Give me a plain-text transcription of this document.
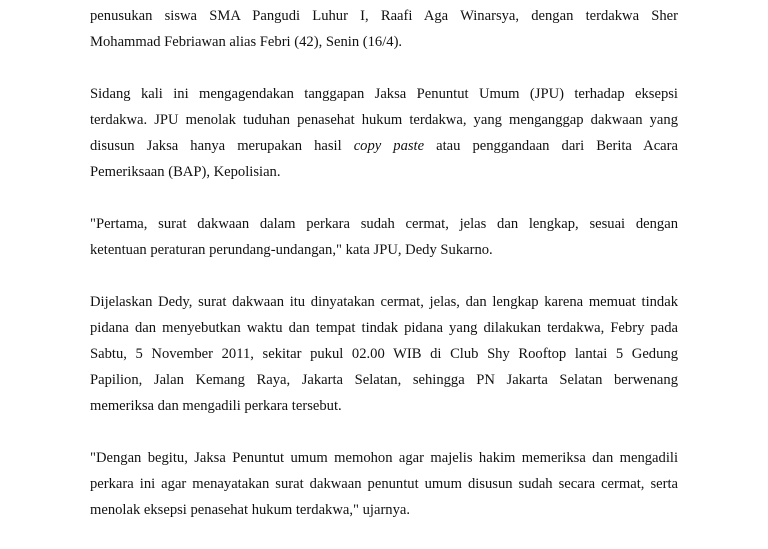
penusukan siswa SMA Pangudi Luhur I, Raafi Aga Winarsya, dengan terdakwa Sher
Mohammad Febriawan alias Febri (42), Senin (16/4).

Sidang kali ini mengagendakan tanggapan Jaksa Penuntut Umum (JPU) terhadap eksepsi
terdakwa. JPU menolak tuduhan penasehat hukum terdakwa, yang menganggap dakwaan yang
disusun Jaksa hanya merupakan hasil copy paste atau penggandaan dari Berita Acara
Pemeriksaan (BAP), Kepolisian.

"Pertama, surat dakwaan dalam perkara sudah cermat, jelas dan lengkap, sesuai dengan
ketentuan peraturan perundang-undangan," kata JPU, Dedy Sukarno.

Dijelaskan Dedy, surat dakwaan itu dinyatakan cermat, jelas, dan lengkap karena memuat tindak
pidana dan menyebutkan waktu dan tempat tindak pidana yang dilakukan terdakwa, Febry pada
Sabtu, 5 November 2011, sekitar pukul 02.00 WIB di Club Shy Rooftop lantai 5 Gedung
Papilion, Jalan Kemang Raya, Jakarta Selatan, sehingga PN Jakarta Selatan berwenang
memeriksa dan mengadili perkara tersebut.

"Dengan begitu, Jaksa Penuntut umum memohon agar majelis hakim memeriksa dan mengadili
perkara ini agar menayatakan surat dakwaan penuntut umum disusun sudah secara cermat, serta
menolak eksepsi penasehat hukum terdakwa," ujarnya.
